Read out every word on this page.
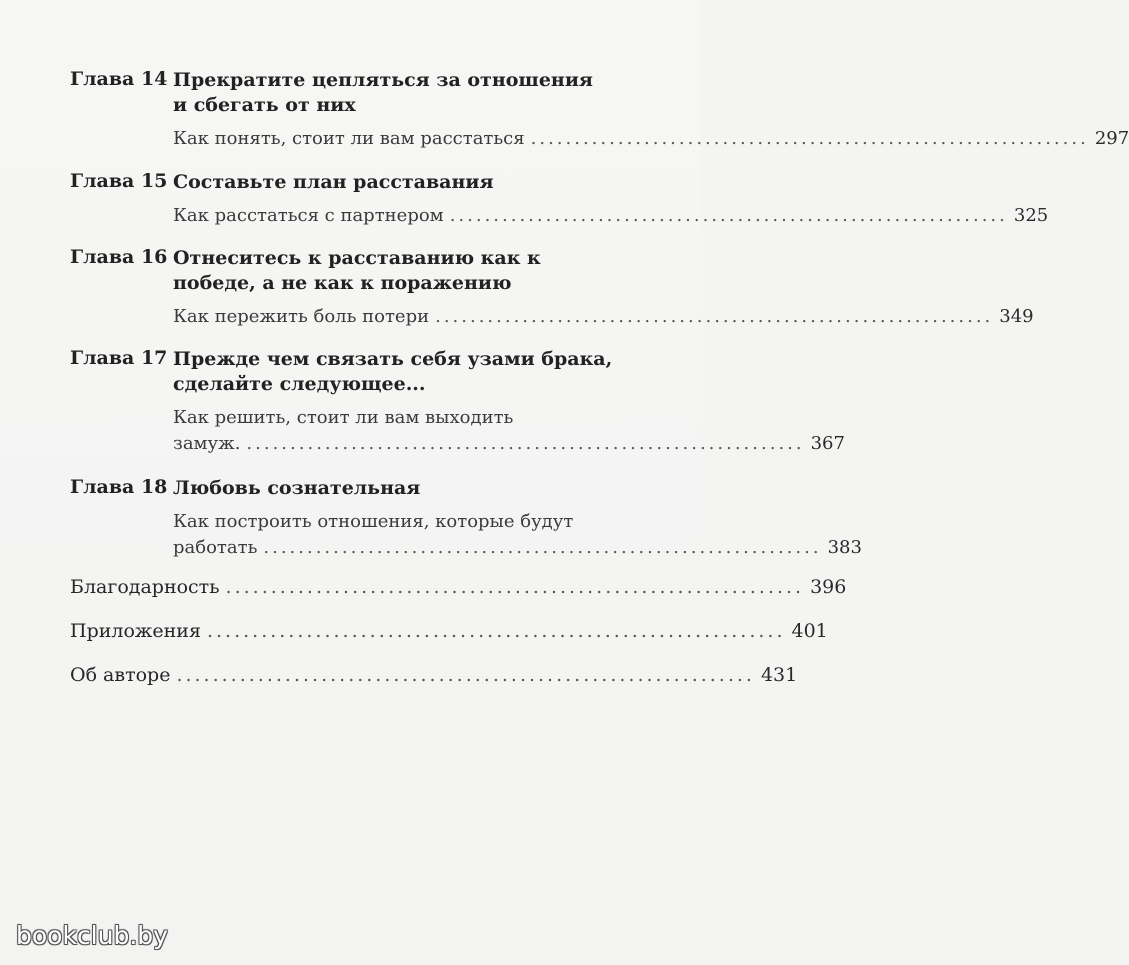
Глава 14 Прекратите цепляться за отношения и сбегать от них
Как понять, стоит ли вам расстаться ................................................................ 297
Глава 15 Составьте план расставания
Как расстаться с партнером ................................................................ 325
Глава 16 Отнеситесь к расставанию как к победе, а не как к поражению
Как пережить боль потери ................................................................ 349
Глава 17 Прежде чем связать себя узами брака, сделайте следующее...
Как решить, стоит ли вам выходить
замуж. ................................................................ 367
Глава 18 Любовь сознательная
Как построить отношения, которые будут
работать ................................................................ 383
Благодарность ................................................................ 396
Приложения ................................................................ 401
Об авторе ................................................................ 431
bookclub.by
